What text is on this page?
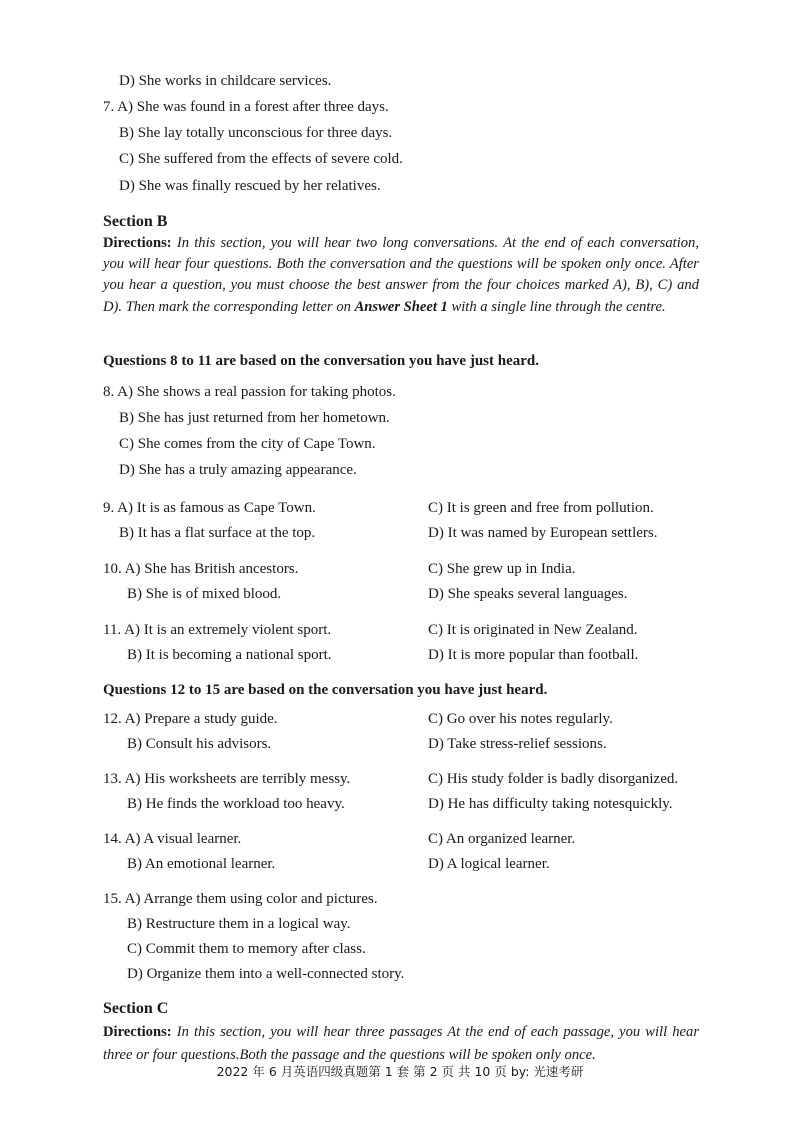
D) She works in childcare services.
7. A) She was found in a forest after three days.
B) She lay totally unconscious for three days.
C) She suffered from the effects of severe cold.
D) She was finally rescued by her relatives.
Section B
Directions: In this section, you will hear two long conversations. At the end of each conversation, you will hear four questions. Both the conversation and the questions will be spoken only once. After you hear a question, you must choose the best answer from the four choices marked A), B), C) and D). Then mark the corresponding letter on Answer Sheet 1 with a single line through the centre.
Questions 8 to 11 are based on the conversation you have just heard.
8. A) She shows a real passion for taking photos.
B) She has just returned from her hometown.
C) She comes from the city of Cape Town.
D) She has a truly amazing appearance.
9. A) It is as famous as Cape Town.
B) It has a flat surface at the top.
C) It is green and free from pollution.
D) It was named by European settlers.
10. A) She has British ancestors.
B) She is of mixed blood.
C) She grew up in India.
D) She speaks several languages.
11. A) It is an extremely violent sport.
B) It is becoming a national sport.
C) It is originated in New Zealand.
D) It is more popular than football.
Questions 12 to 15 are based on the conversation you have just heard.
12. A) Prepare a study guide.
B) Consult his advisors.
C) Go over his notes regularly.
D) Take stress-relief sessions.
13. A) His worksheets are terribly messy.
B) He finds the workload too heavy.
C) His study folder is badly disorganized.
D) He has difficulty taking notesquickly.
14. A) A visual learner.
B) An emotional learner.
C) An organized learner.
D) A logical learner.
15. A) Arrange them using color and pictures.
B) Restructure them in a logical way.
C) Commit them to memory after class.
D) Organize them into a well-connected story.
Section C
Directions: In this section, you will hear three passages At the end of each passage, you will hear three or four questions.Both the passage and the questions will be spoken only once.
2022 年 6 月英语四级真题第 1 套 第 2 页 共 10 页 by: 光速考研
